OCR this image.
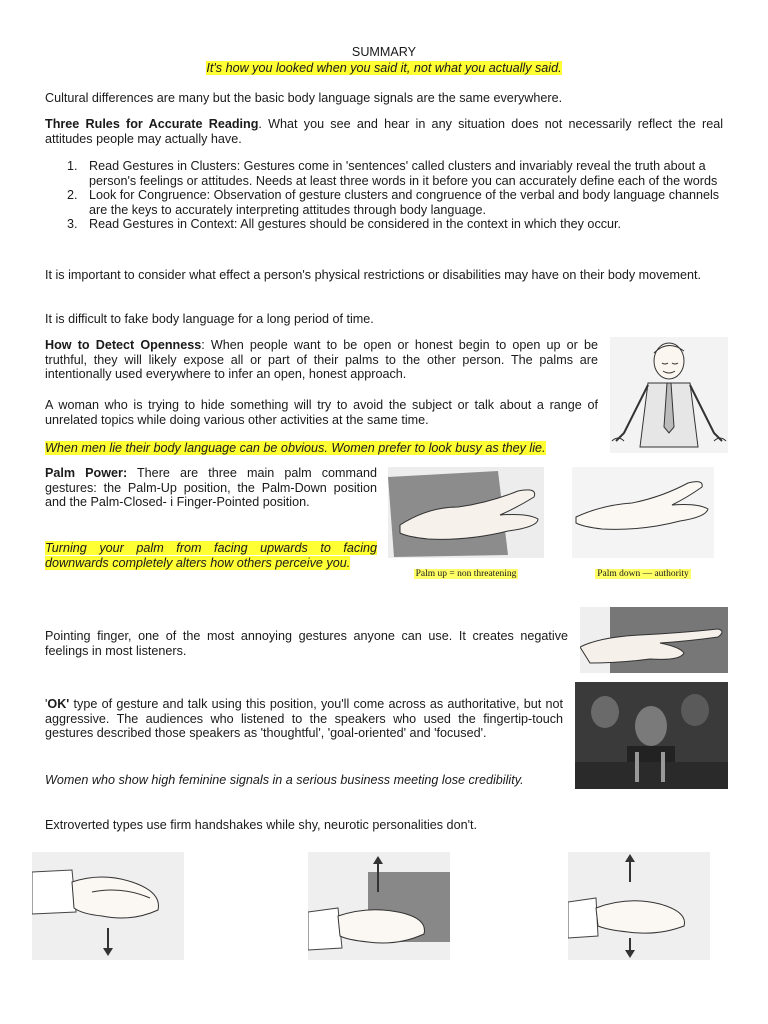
SUMMARY
It's how you looked when you said it, not what you actually said.
Cultural differences are many but the basic body language signals are the same everywhere.
Three Rules for Accurate Reading. What you see and hear in any situation does not necessarily reflect the real attitudes people may actually have.
1. Read Gestures in Clusters: Gestures come in 'sentences' called clusters and invariably reveal the truth about a person's feelings or attitudes. Needs at least three words in it before you can accurately define each of the words
2. Look for Congruence: Observation of gesture clusters and congruence of the verbal and body language channels are the keys to accurately interpreting attitudes through body language.
3. Read Gestures in Context: All gestures should be considered in the context in which they occur.
It is important to consider what effect a person's physical restrictions or disabilities may have on their body movement.
It is difficult to fake body language for a long period of time.
How to Detect Openness: When people want to be open or honest begin to open up or be truthful, they will likely expose all or part of their palms to the other person. The palms are intentionally used everywhere to infer an open, honest approach.
A woman who is trying to hide something will try to avoid the subject or talk about a range of unrelated topics while doing various other activities at the same time.
When men lie their body language can be obvious. Women prefer to look busy as they lie.
Palm Power: There are three main palm command gestures: the Palm-Up position, the Palm-Down position and the Palm-Closed- i Finger-Pointed position.
Turning your palm from facing upwards to facing downwards completely alters how others perceive you.
Palm up = non threatening	Palm down — authority
Pointing finger, one of the most annoying gestures anyone can use. It creates negative feelings in most listeners.
'OK' type of gesture and talk using this position, you'll come across as authoritative, but not aggressive. The audiences who listened to the speakers who used the fingertip-touch gestures described those speakers as 'thoughtful', 'goal-oriented' and 'focused'.
Women who show high feminine signals in a serious business meeting lose credibility.
Extroverted types use firm handshakes while shy, neurotic personalities don't.
